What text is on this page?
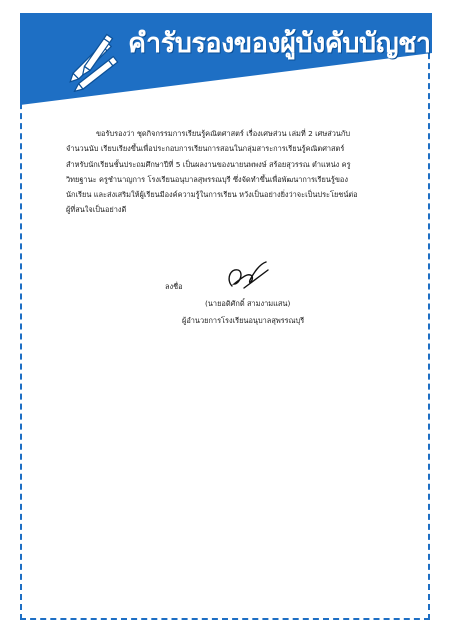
คำรับรองของผู้บังคับบัญชา
ขอรับรองว่า ชุดกิจกรรมการเรียนรู้คณิตศาสตร์ เรื่องเศษส่วน เล่มที่ 2 เศษส่วนกับ
จำนวนนับ เรียบเรียงขึ้นเพื่อประกอบการเรียนการสอนในกลุ่มสาระการเรียนรู้คณิตศาสตร์
สำหรับนักเรียนชั้นประถมศึกษาปีที่ 5 เป็นผลงานของนายนพพงษ์ สร้อยสุวรรณ ตำแหน่ง ครู
วิทยฐานะ ครูชำนาญการ โรงเรียนอนุบาลสุพรรณบุรี ซึ่งจัดทำขึ้นเพื่อพัฒนาการเรียนรู้ของ
นักเรียน และส่งเสริมให้ผู้เรียนมีองค์ความรู้ในการเรียน หวังเป็นอย่างยิ่งว่าจะเป็นประโยชน์ต่อ
ผู้ที่สนใจเป็นอย่างดี
ลงชื่อ
(นายอดิศักดิ์ สามงามแสน)
ผู้อำนวยการโรงเรียนอนุบาลสุพรรณบุรี
